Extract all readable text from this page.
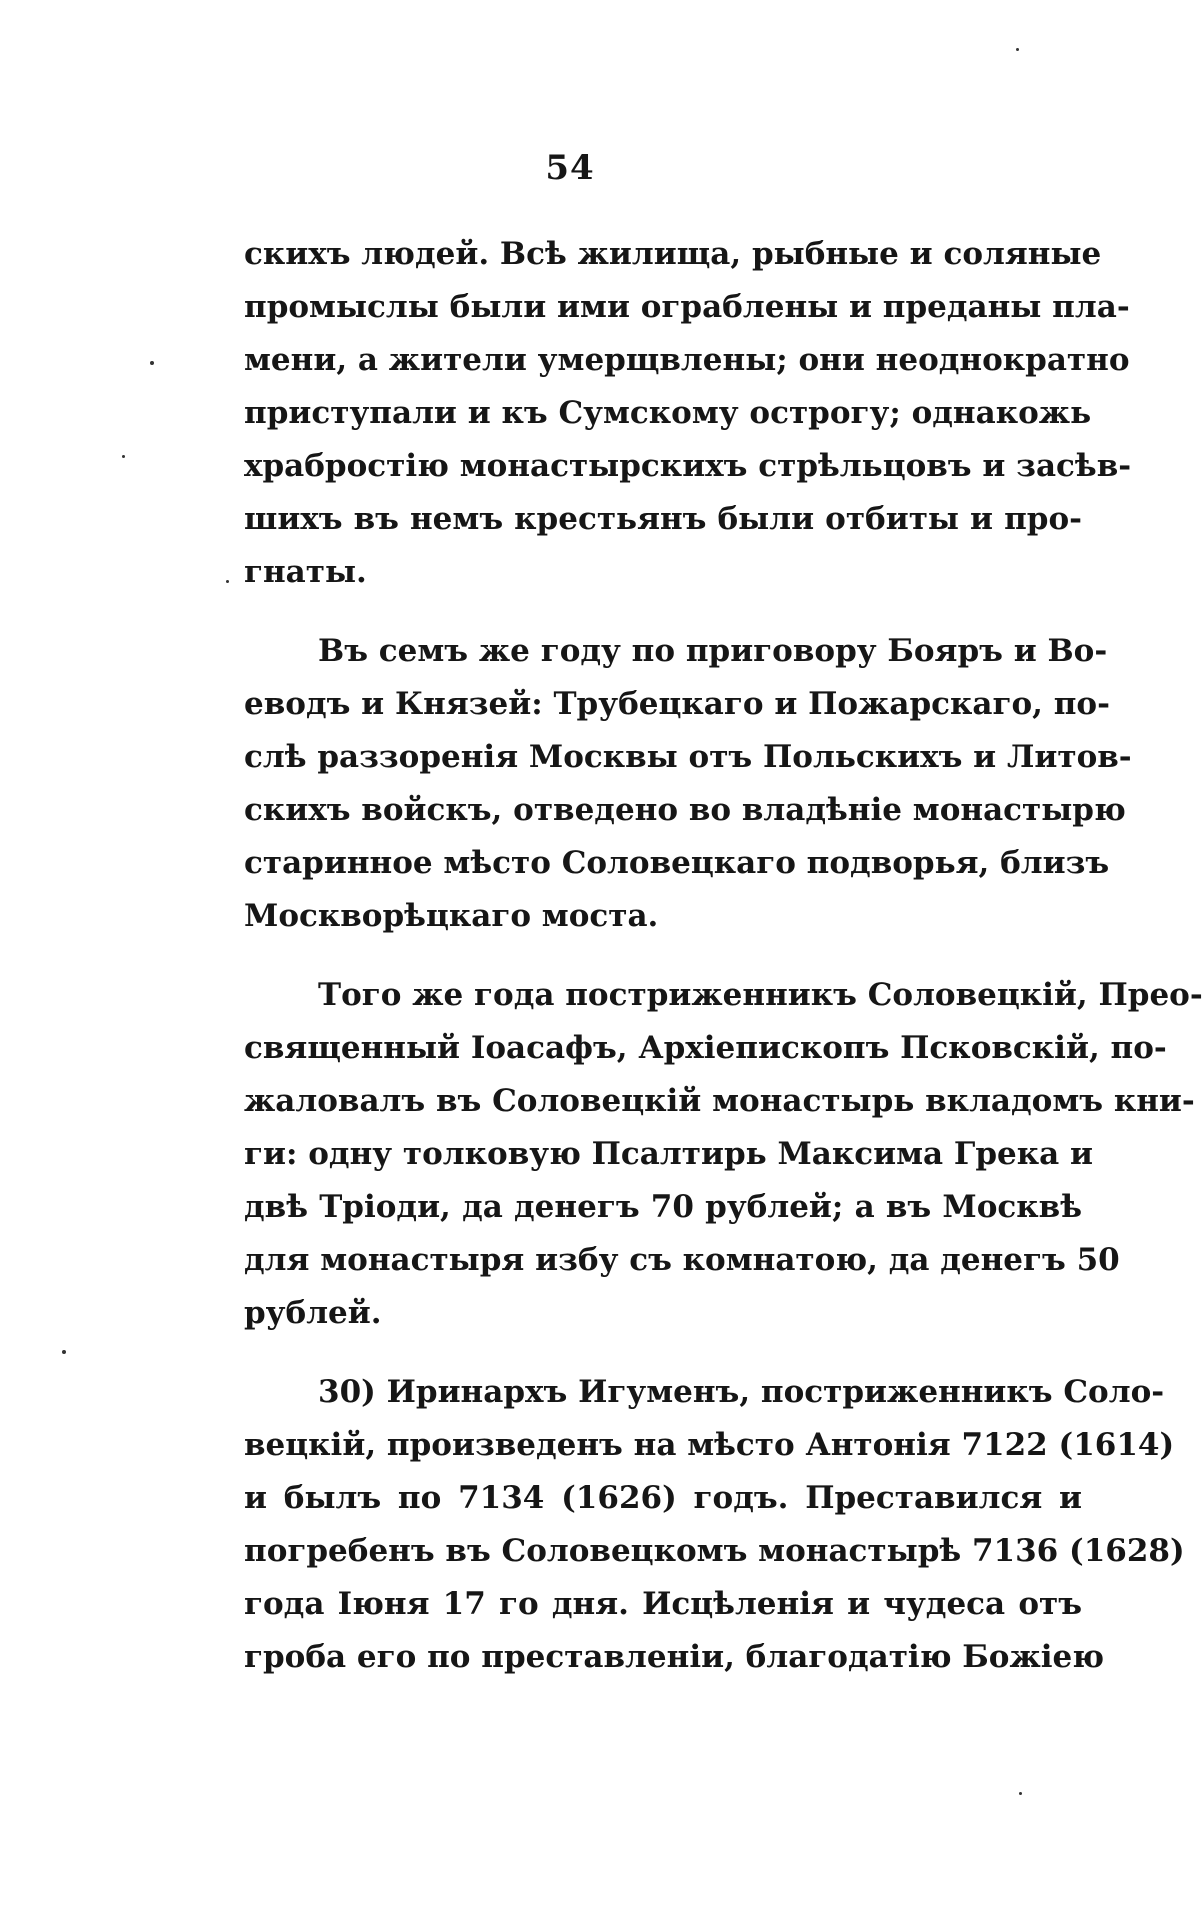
54
скихъ людей. Всѣ жилища, рыбные и соляные
промыслы были ими ограблены и преданы пла-
мени, а жители умерщвлены; они неоднократно
приступали и къ Сумскому острогу; однакожь
храбростію монастырскихъ стрѣльцовъ и засѣв-
шихъ въ немъ крестьянъ были отбиты и про-
гнаты.
Въ семъ же году по приговору Бояръ и Во-
еводъ и Князей: Трубецкаго и Пожарскаго, по-
слѣ раззоренія Москвы отъ Польскихъ и Литов-
скихъ войскъ, отведено во владѣніе монастырю
старинное мѣсто Соловецкаго подворья, близъ
Москворѣцкаго моста.
Того же года постриженникъ Соловецкій, Прео-
священный Іоасафъ, Архіепископъ Псковскій, по-
жаловалъ въ Соловецкій монастырь вкладомъ кни-
ги: одну толковую Псалтирь Максима Грека и
двѣ Тріоди, да денегъ 70 рублей; а въ Москвѣ
для монастыря избу съ комнатою, да денегъ 50
рублей.
30) Иринархъ Игуменъ, постриженникъ Соло-
вецкій, произведенъ на мѣсто Антонія 7122 (1614)
и былъ по 7134 (1626) годъ. Преставился и
погребенъ въ Соловецкомъ монастырѣ 7136 (1628)
года Іюня 17 го дня. Исцѣленія и чудеса отъ
гроба его по преставленіи, благодатію Божіею
